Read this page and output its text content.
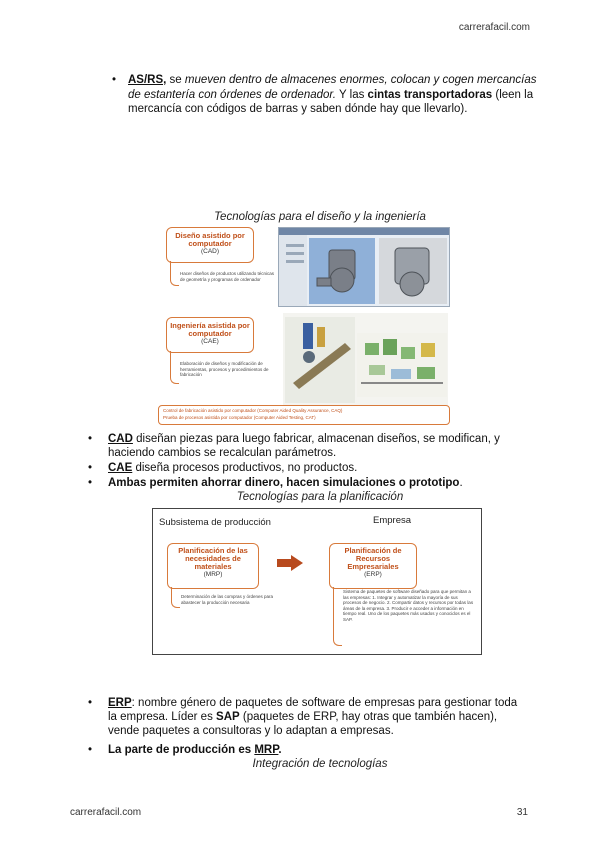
carrerafacil.com
• AS/RS, se mueven dentro de almacenes enormes, colocan y cogen mercancías de estantería con órdenes de ordenador. Y las cintas transportadoras (leen la mercancía con códigos de barras y saben dónde hay que llevarlo).
Tecnologías para el diseño y la ingeniería
Diseño asistido por computador
(CAD)
Hacer diseños de productos utilizando técnicas de geometría y programas de ordenador
Ingeniería asistida por computador
(CAE)
Elaboración de diseños y modificación de herramientas, procesos y procedimientos de fabricación
Control de fabricación asistido por computador (Computer Aided Quality Assurance, CAQ)
Prueba de procesos asistida por computador (Computer Aided Testing, CAT)
• CAD diseñan piezas para luego fabricar, almacenan diseños, se modifican, y haciendo cambios se recalculan parámetros.
• CAE diseña procesos productivos, no productos.
• Ambas permiten ahorrar dinero, hacen simulaciones o prototipo.
Tecnologías para la planificación
Subsistema de producción	Empresa
Planificación de las necesidades de materiales
(MRP)
Determinación de las compras y órdenes para abastecer la producción necesaria
Planificación de Recursos Empresariales
(ERP)
Sistema de paquetes de software diseñado para que permitan a las empresas: 1. Integrar y automatizar la mayoría de sus procesos de negocio. 2. Compartir datos y recursos por todas las áreas de la empresa. 3. Producir e acceder a información en tiempo real. Uno de los paquetes más usados y conocidos es el SAP.
• ERP: nombre género de paquetes de software de empresas para gestionar toda la empresa. Líder es SAP (paquetes de ERP, hay otras que también hacen), vende paquetes a consultoras y lo adaptan a empresas.
• La parte de producción es MRP.
Integración de tecnologías
carrerafacil.com	31
